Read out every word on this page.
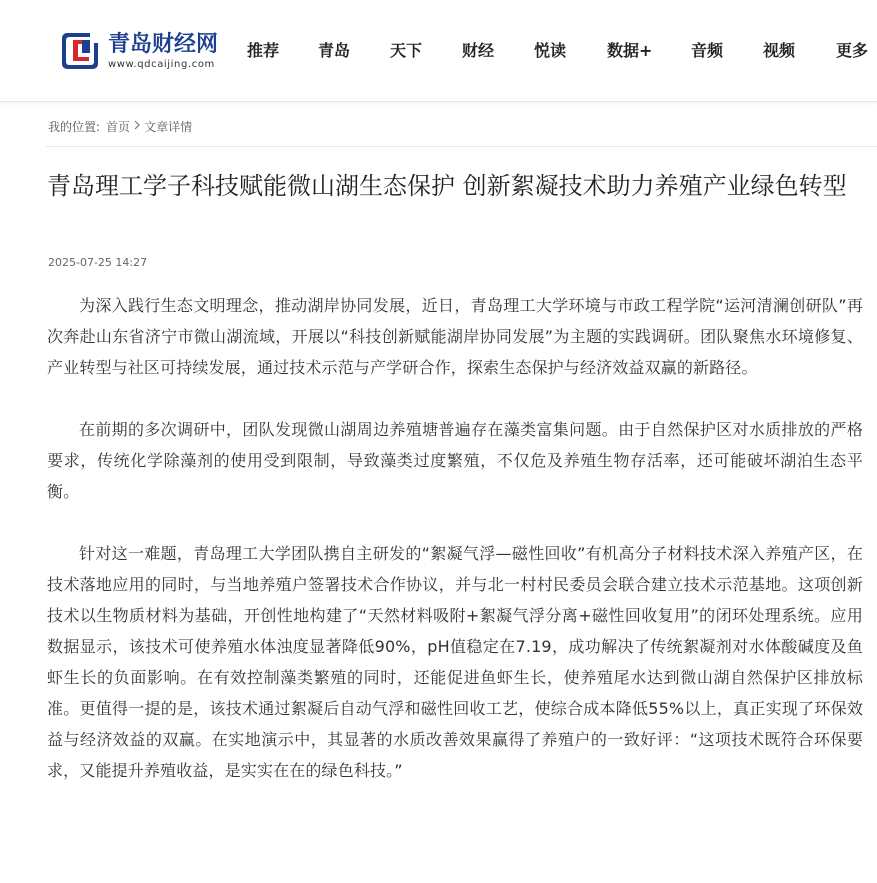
青岛财经网
www.qdcaijing.com
推荐	青岛	天下	财经	悦读	数据+	音频	视频	更多
我的位置: 首页 文章详情
青岛理工学子科技赋能微山湖生态保护 创新絮凝技术助力养殖产业绿色转型
2025-07-25 14:27

为深入践行生态文明理念，推动湖岸协同发展，近日，青岛理工大学环境与市政工程学院“运河清澜创研队”再次奔赴山东省济宁市微山湖流域，开展以“科技创新赋能湖岸协同发展”为主题的实践调研。团队聚焦水环境修复、产业转型与社区可持续发展，通过技术示范与产学研合作，探索生态保护与经济效益双赢的新路径。

在前期的多次调研中，团队发现微山湖周边养殖塘普遍存在藻类富集问题。由于自然保护区对水质排放的严格要求，传统化学除藻剂的使用受到限制，导致藻类过度繁殖，不仅危及养殖生物存活率，还可能破坏湖泊生态平衡。

针对这一难题，青岛理工大学团队携自主研发的“絮凝气浮—磁性回收”有机高分子材料技术深入养殖产区，在技术落地应用的同时，与当地养殖户签署技术合作协议，并与北一村村民委员会联合建立技术示范基地。这项创新技术以生物质材料为基础，开创性地构建了“天然材料吸附+絮凝气浮分离+磁性回收复用”的闭环处理系统。应用数据显示，该技术可使养殖水体浊度显著降低90%，pH值稳定在7.19，成功解决了传统絮凝剂对水体酸碱度及鱼虾生长的负面影响。在有效控制藻类繁殖的同时，还能促进鱼虾生长，使养殖尾水达到微山湖自然保护区排放标准。更值得一提的是，该技术通过絮凝后自动气浮和磁性回收工艺，使综合成本降低55%以上，真正实现了环保效益与经济效益的双赢。在实地演示中，其显著的水质改善效果赢得了养殖户的一致好评：“这项技术既符合环保要求，又能提升养殖收益，是实实在在的绿色科技。”
